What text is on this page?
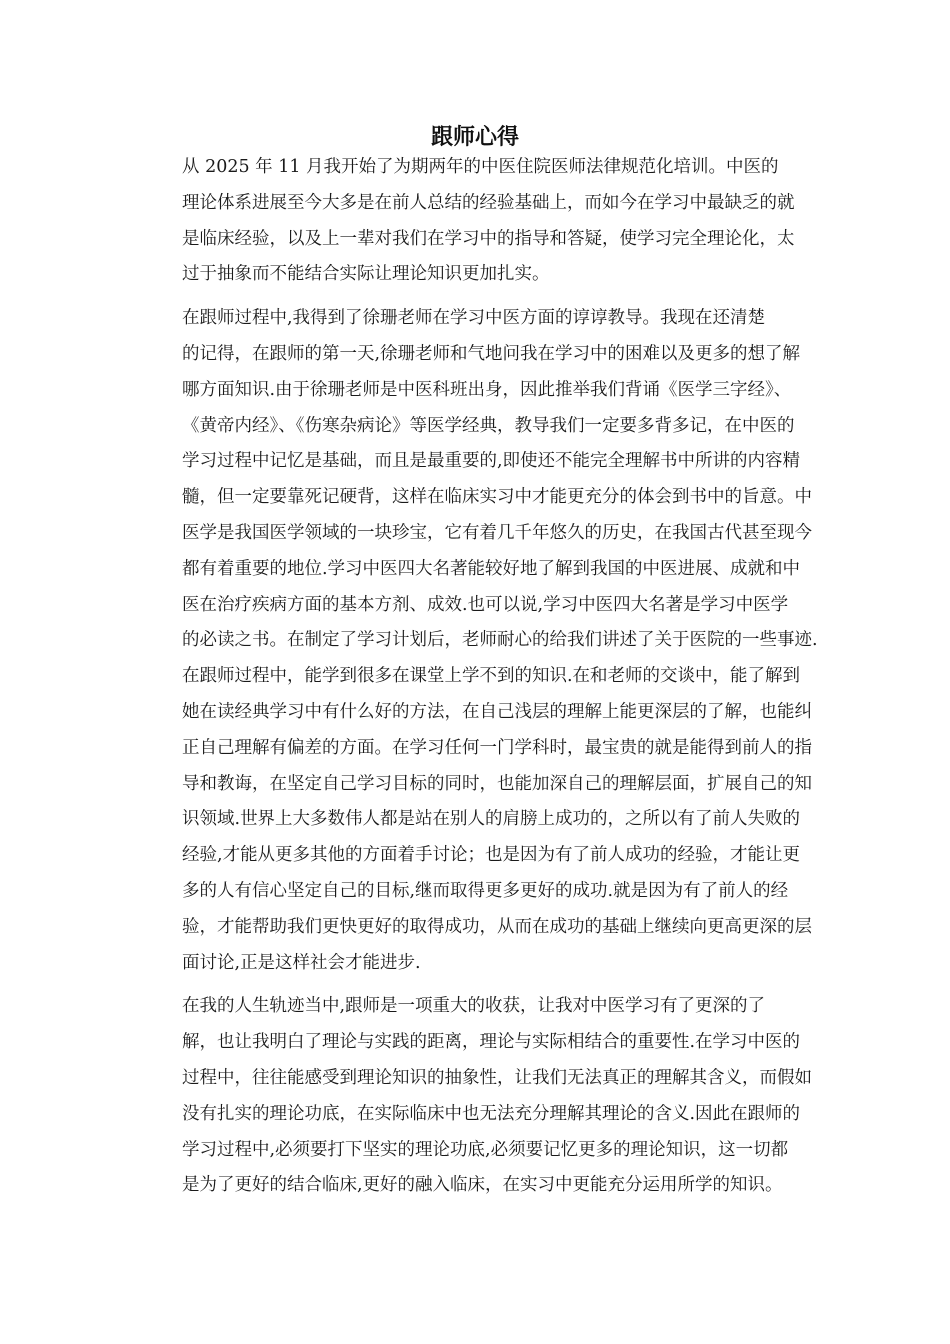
跟师心得

从 2025 年 11 月我开始了为期两年的中医住院医师法律规范化培训。中医的
理论体系进展至今大多是在前人总结的经验基础上，而如今在学习中最缺乏的就
是临床经验，以及上一辈对我们在学习中的指导和答疑，使学习完全理论化，太
过于抽象而不能结合实际让理论知识更加扎实。

在跟师过程中,我得到了徐珊老师在学习中医方面的谆谆教导。我现在还清楚
的记得，在跟师的第一天,徐珊老师和气地问我在学习中的困难以及更多的想了解
哪方面知识.由于徐珊老师是中医科班出身，因此推举我们背诵《医学三字经》、
《黄帝内经》、《伤寒杂病论》等医学经典，教导我们一定要多背多记，在中医的
学习过程中记忆是基础，而且是最重要的,即使还不能完全理解书中所讲的内容精
髓，但一定要靠死记硬背，这样在临床实习中才能更充分的体会到书中的旨意。中
医学是我国医学领域的一块珍宝，它有着几千年悠久的历史，在我国古代甚至现今
都有着重要的地位.学习中医四大名著能较好地了解到我国的中医进展、成就和中
医在治疗疾病方面的基本方剂、成效.也可以说,学习中医四大名著是学习中医学
的必读之书。在制定了学习计划后，老师耐心的给我们讲述了关于医院的一些事迹.
在跟师过程中，能学到很多在课堂上学不到的知识.在和老师的交谈中，能了解到
她在读经典学习中有什么好的方法，在自己浅层的理解上能更深层的了解，也能纠
正自己理解有偏差的方面。在学习任何一门学科时，最宝贵的就是能得到前人的指
导和教诲，在坚定自己学习目标的同时，也能加深自己的理解层面，扩展自己的知
识领域.世界上大多数伟人都是站在别人的肩膀上成功的，之所以有了前人失败的
经验,才能从更多其他的方面着手讨论；也是因为有了前人成功的经验，才能让更
多的人有信心坚定自己的目标,继而取得更多更好的成功.就是因为有了前人的经
验，才能帮助我们更快更好的取得成功，从而在成功的基础上继续向更高更深的层
面讨论,正是这样社会才能进步.

在我的人生轨迹当中,跟师是一项重大的收获，让我对中医学习有了更深的了
解，也让我明白了理论与实践的距离，理论与实际相结合的重要性.在学习中医的
过程中，往往能感受到理论知识的抽象性，让我们无法真正的理解其含义，而假如
没有扎实的理论功底，在实际临床中也无法充分理解其理论的含义.因此在跟师的
学习过程中,必须要打下坚实的理论功底,必须要记忆更多的理论知识，这一切都
是为了更好的结合临床,更好的融入临床，在实习中更能充分运用所学的知识。
